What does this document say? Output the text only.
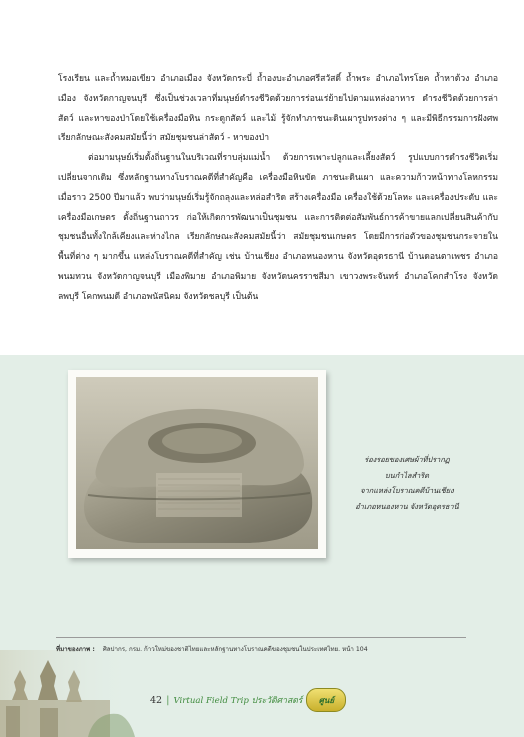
โรงเรียน และถ้ำหมอเขียว อำเภอเมือง จังหวัดกระบี่ ถ้ำองบะอำเภอศรีสวัสดิ์ ถ้ำพระ อำเภอไทรโยค ถ้ำหาด้วง อำเภอเมือง จังหวัดกาญจนบุรี ซึ่งเป็นช่วงเวลาที่มนุษย์ดำรงชีวิตด้วยการร่อนเร่ย้ายไปตามแหล่งอาหาร ดำรงชีวิตด้วยการล่าสัตว์ และหาของป่าโดยใช้เครื่องมือหิน กระดูกสัตว์ และไม้ รู้จักทำภาชนะดินเผารูปทรงต่าง ๆ และมีพิธีกรรมการฝังศพ เรียกลักษณะสังคมสมัยนี้ว่า สมัยชุมชนล่าสัตว์ - หาของป่า

ต่อมามนุษย์เริ่มตั้งถิ่นฐานในบริเวณที่ราบลุ่มแม่น้ำ ด้วยการเพาะปลูกและเลี้ยงสัตว์ รูปแบบการดำรงชีวิตเริ่มเปลี่ยนจากเดิม ซึ่งหลักฐานทางโบราณคดีที่สำคัญคือ เครื่องมือหินขัด ภาชนะดินเผา และความก้าวหน้าทางโลหกรรม เมื่อราว 2500 ปีมาแล้ว พบว่ามนุษย์เริ่มรู้จักถลุงและหล่อสำริด สร้างเครื่องมือ เครื่องใช้ด้วยโลหะ และเครื่องประดับ และเครื่องมือเกษตร ตั้งถิ่นฐานถาวร ก่อให้เกิดการพัฒนาเป็นชุมชน และการติดต่อสัมพันธ์การค้าขายแลกเปลี่ยนสินค้ากับชุมชนอื่นทั้งใกล้เคียงและห่างไกล เรียกลักษณะสังคมสมัยนี้ว่า สมัยชุมชนเกษตร โดยมีการก่อตัวของชุมชนกระจายในพื้นที่ต่าง ๆ มากขึ้น แหล่งโบราณคดีที่สำคัญ เช่น บ้านเชียง อำเภอหนองหาน จังหวัดอุดรธานี บ้านดอนตาเพชร อำเภอพนมทวน จังหวัดกาญจนบุรี เมืองพิมาย อำเภอพิมาย จังหวัดนครราชสีมา เขาวงพระจันทร์ อำเภอโคกสำโรง จังหวัดลพบุรี โคกพนมดี อำเภอพนัสนิคม จังหวัดชลบุรี เป็นต้น

ร่องรอยของเศษผ้าที่ปรากฏ
บนกำไลสำริด
จากแหล่งโบราณคดีบ้านเชียง
อำเภอหนองหาน จังหวัดอุดรธานี
ที่มาของภาพ : ศิลปากร, กรม. ก้าวใหม่ของชาติไทยและหลักฐานทางโบราณคดีของชุมชนในประเทศไทย. หน้า 104
42 | Virtual Field Trip ประวัติศาสตร์ ศูนย์
